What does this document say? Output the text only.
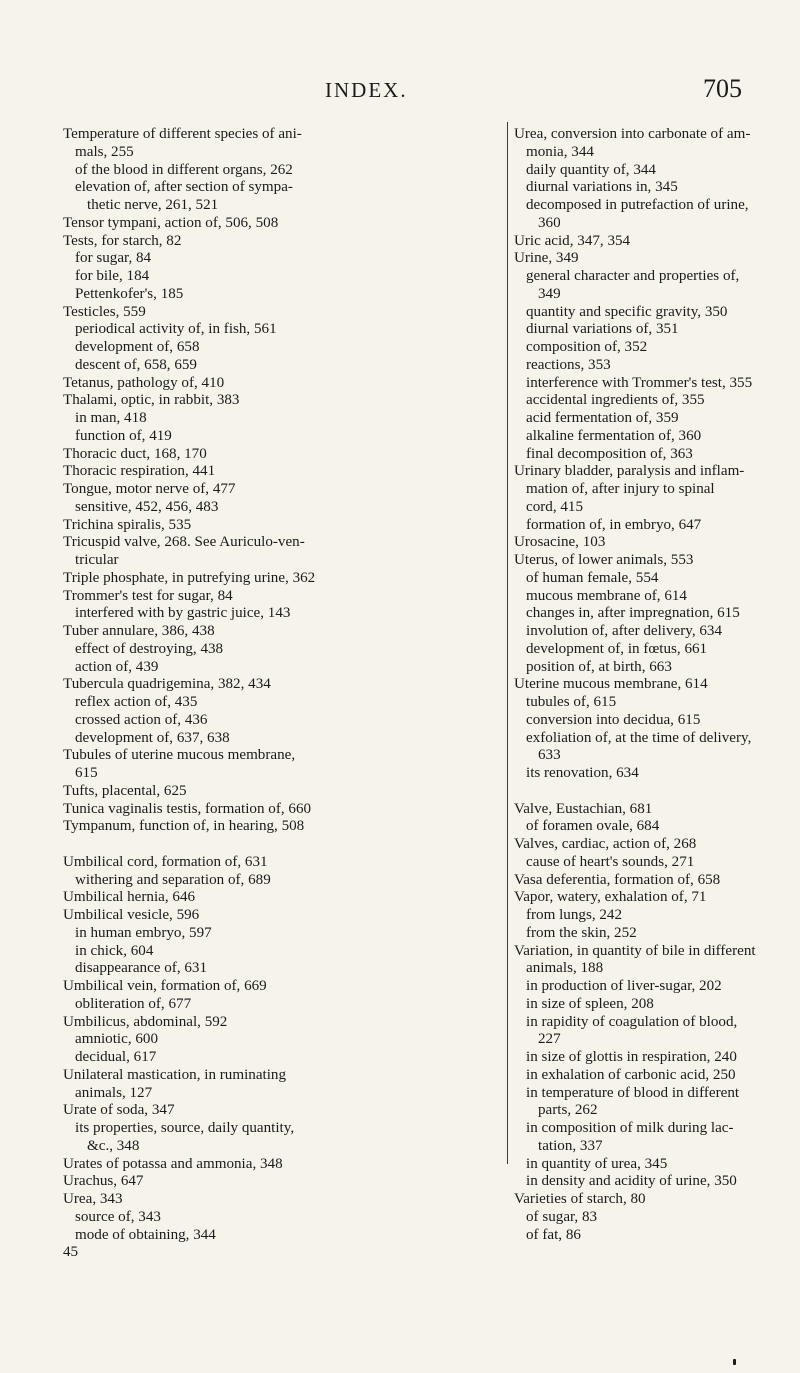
INDEX.	705
Temperature of different species of ani-
mals, 255
of the blood in different organs, 262
elevation of, after section of sympa-
thetic nerve, 261, 521
Tensor tympani, action of, 506, 508
Tests, for starch, 82
for sugar, 84
for bile, 184
Pettenkofer's, 185
Testicles, 559
periodical activity of, in fish, 561
development of, 658
descent of, 658, 659
Tetanus, pathology of, 410
Thalami, optic, in rabbit, 383
in man, 418
function of, 419
Thoracic duct, 168, 170
Thoracic respiration, 441
Tongue, motor nerve of, 477
sensitive, 452, 456, 483
Trichina spiralis, 535
Tricuspid valve, 268. See Auriculo-ven-
tricular
Triple phosphate, in putrefying urine, 362
Trommer's test for sugar, 84
interfered with by gastric juice, 143
Tuber annulare, 386, 438
effect of destroying, 438
action of, 439
Tubercula quadrigemina, 382, 434
reflex action of, 435
crossed action of, 436
development of, 637, 638
Tubules of uterine mucous membrane,
615
Tufts, placental, 625
Tunica vaginalis testis, formation of, 660
Tympanum, function of, in hearing, 508
Umbilical cord, formation of, 631
withering and separation of, 689
Umbilical hernia, 646
Umbilical vesicle, 596
in human embryo, 597
in chick, 604
disappearance of, 631
Umbilical vein, formation of, 669
obliteration of, 677
Umbilicus, abdominal, 592
amniotic, 600
decidual, 617
Unilateral mastication, in ruminating
animals, 127
Urate of soda, 347
its properties, source, daily quantity,
&c., 348
Urates of potassa and ammonia, 348
Urachus, 647
Urea, 343
source of, 343
mode of obtaining, 344
45
Urea, conversion into carbonate of am-
monia, 344
daily quantity of, 344
diurnal variations in, 345
decomposed in putrefaction of urine,
360
Uric acid, 347, 354
Urine, 349
general character and properties of,
349
quantity and specific gravity, 350
diurnal variations of, 351
composition of, 352
reactions, 353
interference with Trommer's test, 355
accidental ingredients of, 355
acid fermentation of, 359
alkaline fermentation of, 360
final decomposition of, 363
Urinary bladder, paralysis and inflam-
mation of, after injury to spinal
cord, 415
formation of, in embryo, 647
Urosacine, 103
Uterus, of lower animals, 553
of human female, 554
mucous membrane of, 614
changes in, after impregnation, 615
involution of, after delivery, 634
development of, in fœtus, 661
position of, at birth, 663
Uterine mucous membrane, 614
tubules of, 615
conversion into decidua, 615
exfoliation of, at the time of delivery,
633
its renovation, 634
Valve, Eustachian, 681
of foramen ovale, 684
Valves, cardiac, action of, 268
cause of heart's sounds, 271
Vasa deferentia, formation of, 658
Vapor, watery, exhalation of, 71
from lungs, 242
from the skin, 252
Variation, in quantity of bile in different
animals, 188
in production of liver-sugar, 202
in size of spleen, 208
in rapidity of coagulation of blood,
227
in size of glottis in respiration, 240
in exhalation of carbonic acid, 250
in temperature of blood in different
parts, 262
in composition of milk during lac-
tation, 337
in quantity of urea, 345
in density and acidity of urine, 350
Varieties of starch, 80
of sugar, 83
of fat, 86
